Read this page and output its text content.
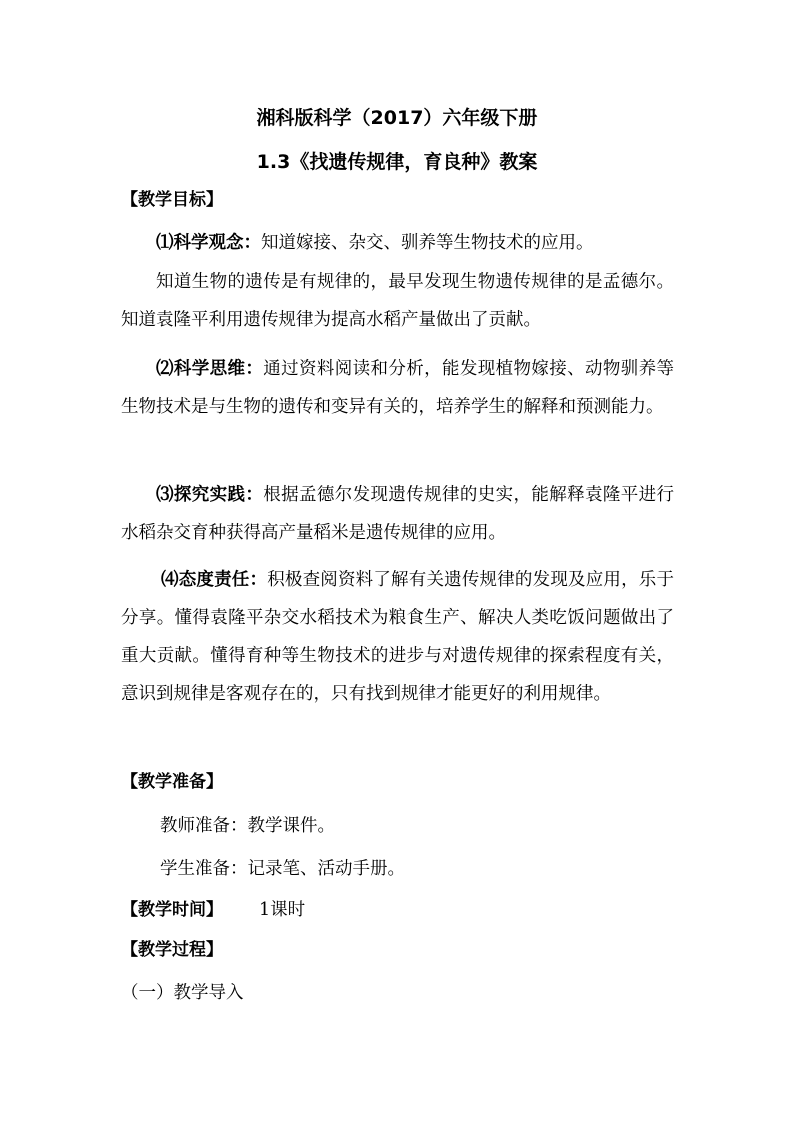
湘科版科学（2017）六年级下册
1.3《找遗传规律，育良种》教案
【教学目标】
⑴科学观念：知道嫁接、杂交、驯养等生物技术的应用。
知道生物的遗传是有规律的，最早发现生物遗传规律的是孟德尔。知道袁隆平利用遗传规律为提高水稻产量做出了贡献。
⑵科学思维：通过资料阅读和分析，能发现植物嫁接、动物驯养等生物技术是与生物的遗传和变异有关的，培养学生的解释和预测能力。
⑶探究实践：根据孟德尔发现遗传规律的史实，能解释袁隆平进行水稻杂交育种获得高产量稻米是遗传规律的应用。
⑷态度责任：积极查阅资料了解有关遗传规律的发现及应用，乐于分享。懂得袁隆平杂交水稻技术为粮食生产、解决人类吃饭问题做出了重大贡献。懂得育种等生物技术的进步与对遗传规律的探索程度有关，意识到规律是客观存在的，只有找到规律才能更好的利用规律。
【教学准备】
教师准备：教学课件。
学生准备：记录笔、活动手册。
【教学时间】 1课时
【教学过程】
（一）教学导入
